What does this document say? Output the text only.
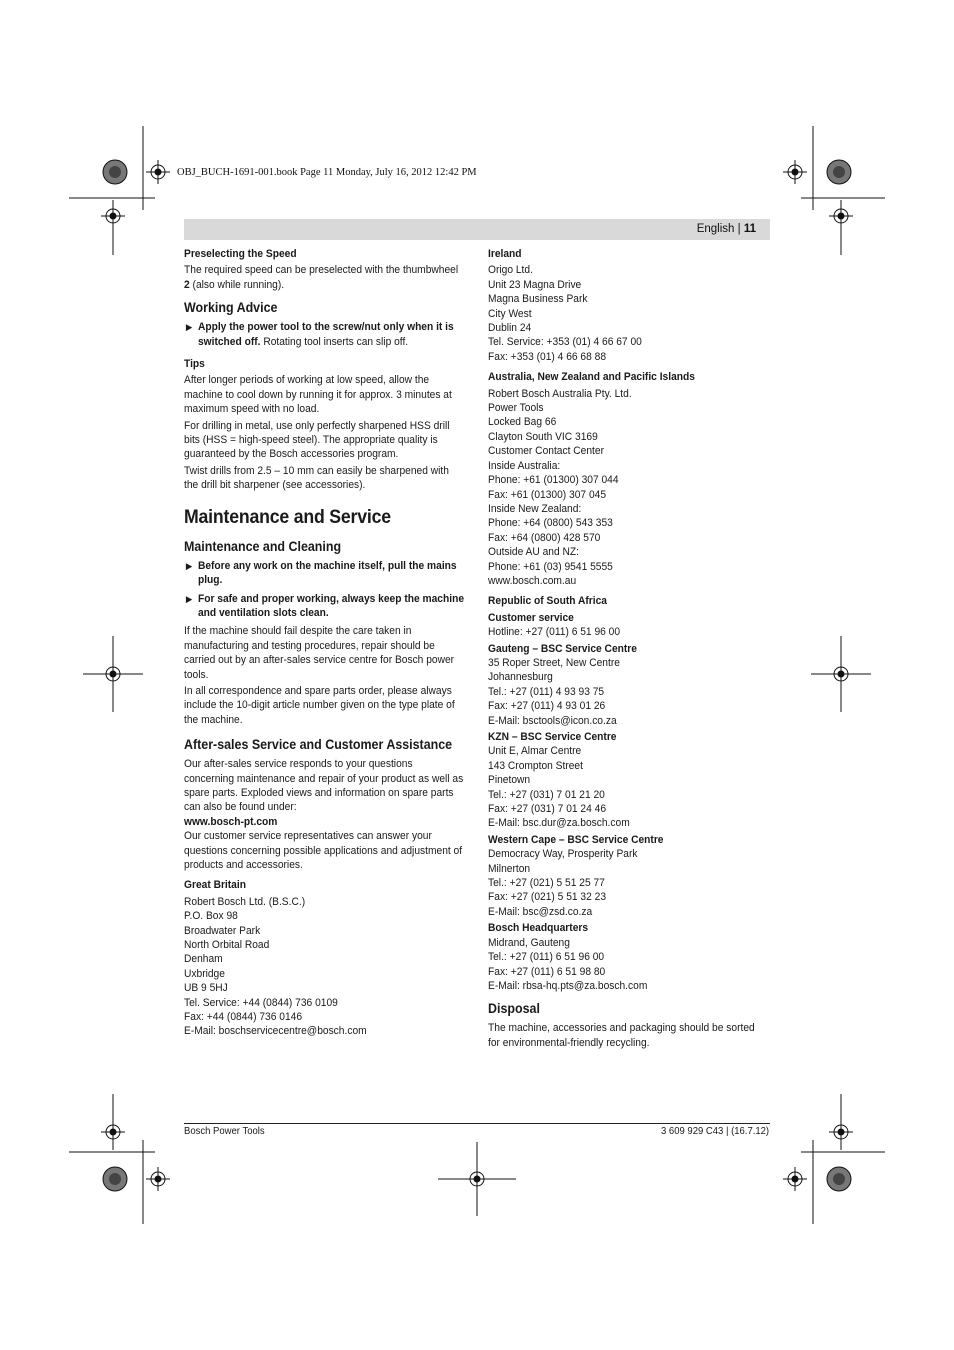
OBJ_BUCH-1691-001.book Page 11 Monday, July 16, 2012 12:42 PM
English | 11
Preselecting the Speed

The required speed can be preselected with the thumbwheel 2 (also while running).

Working Advice
▶ Apply the power tool to the screw/nut only when it is switched off. Rotating tool inserts can slip off.
Tips

After longer periods of working at low speed, allow the machine to cool down by running it for approx. 3 minutes at maximum speed with no load.

For drilling in metal, use only perfectly sharpened HSS drill bits (HSS = high-speed steel). The appropriate quality is guaranteed by the Bosch accessories program.

Twist drills from 2.5 – 10 mm can easily be sharpened with the drill bit sharpener (see accessories).

Maintenance and Service
Maintenance and Cleaning
▶ Before any work on the machine itself, pull the mains plug.
▶ For safe and proper working, always keep the machine and ventilation slots clean.

If the machine should fail despite the care taken in manufacturing and testing procedures, repair should be carried out by an after-sales service centre for Bosch power tools.

In all correspondence and spare parts order, please always include the 10-digit article number given on the type plate of the machine.

After-sales Service and Customer Assistance

Our after-sales service responds to your questions concerning maintenance and repair of your product as well as spare parts. Exploded views and information on spare parts can also be found under:

www.bosch-pt.com

Our customer service representatives can answer your questions concerning possible applications and adjustment of products and accessories.

Great Britain

Robert Bosch Ltd. (B.S.C.)

P.O. Box 98

Broadwater Park

North Orbital Road

Denham

Uxbridge

UB 9 5HJ

Tel. Service: +44 (0844) 736 0109

Fax: +44 (0844) 736 0146

E-Mail: boschservicecentre@bosch.com

Ireland

Origo Ltd.

Unit 23 Magna Drive

Magna Business Park

City West

Dublin 24

Tel. Service: +353 (01) 4 66 67 00

Fax: +353 (01) 4 66 68 88

Australia, New Zealand and Pacific Islands

Robert Bosch Australia Pty. Ltd.

Power Tools

Locked Bag 66

Clayton South VIC 3169

Customer Contact Center

Inside Australia:

Phone: +61 (01300) 307 044

Fax: +61 (01300) 307 045

Inside New Zealand:

Phone: +64 (0800) 543 353

Fax: +64 (0800) 428 570

Outside AU and NZ:

Phone: +61 (03) 9541 5555

www.bosch.com.au

Republic of South Africa
Customer service

Hotline: +27 (011) 6 51 96 00

Gauteng – BSC Service Centre

35 Roper Street, New Centre

Johannesburg

Tel.: +27 (011) 4 93 93 75

Fax: +27 (011) 4 93 01 26

E-Mail: bsctools@icon.co.za

KZN – BSC Service Centre

Unit E, Almar Centre

143 Crompton Street

Pinetown

Tel.: +27 (031) 7 01 21 20

Fax: +27 (031) 7 01 24 46

E-Mail: bsc.dur@za.bosch.com

Western Cape – BSC Service Centre

Democracy Way, Prosperity Park

Milnerton

Tel.: +27 (021) 5 51 25 77

Fax: +27 (021) 5 51 32 23

E-Mail: bsc@zsd.co.za

Bosch Headquarters

Midrand, Gauteng

Tel.: +27 (011) 6 51 96 00

Fax: +27 (011) 6 51 98 80

E-Mail: rbsa-hq.pts@za.bosch.com

Disposal

The machine, accessories and packaging should be sorted for environmental-friendly recycling.

Bosch Power Tools	3 609 929 C43 | (16.7.12)
